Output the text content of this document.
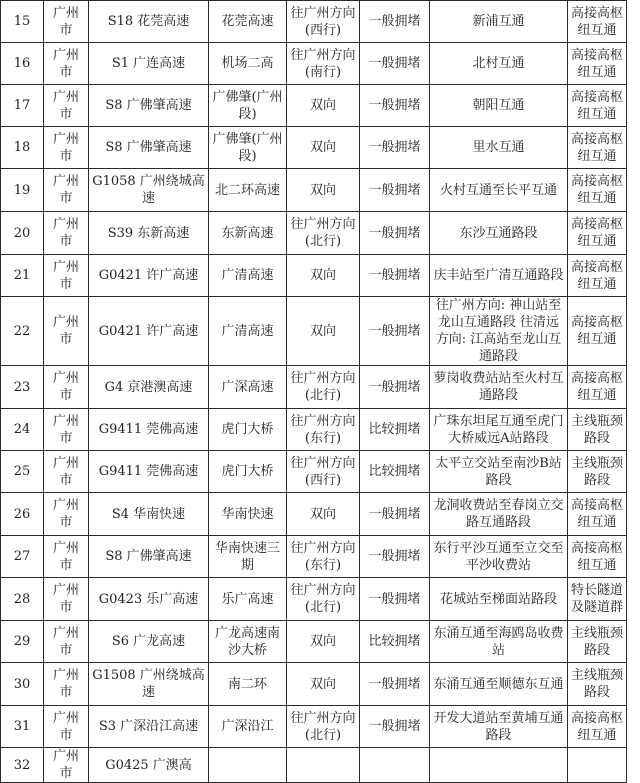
15	广州市	S18 花莞高速	花莞高速	往广州方向(西行)	一般拥堵	新浦互通	高接高枢纽互通
16	广州市	S1 广连高速	机场二高	往广州方向(南行)	一般拥堵	北村互通	高接高枢纽互通
17	广州市	S8 广佛肇高速	广佛肇(广州段)	双向	一般拥堵	朝阳互通	高接高枢纽互通
18	广州市	S8 广佛肇高速	广佛肇(广州段)	双向	一般拥堵	里水互通	高接高枢纽互通
19	广州市	G1058 广州绕城高速	北二环高速	双向	一般拥堵	火村互通至长平互通	高接高枢纽互通
20	广州市	S39 东新高速	东新高速	往广州方向(北行)	一般拥堵	东沙互通路段	高接高枢纽互通
21	广州市	G0421 许广高速	广清高速	双向	一般拥堵	庆丰站至广清互通路段	高接高枢纽互通
22	广州市	G0421 许广高速	广清高速	双向	一般拥堵	往广州方向: 神山站至龙山互通路段 往清远方向: 江高站至龙山互通路段	高接高枢纽互通
23	广州市	G4 京港澳高速	广深高速	往广州方向(北行)	一般拥堵	萝岗收费站站至火村互通路段	高接高枢纽互通
24	广州市	G9411 莞佛高速	虎门大桥	往广州方向(东行)	比较拥堵	广珠东坦尾互通至虎门大桥威远A站路段	主线瓶颈路段
25	广州市	G9411 莞佛高速	虎门大桥	往广州方向(西行)	比较拥堵	太平立交站至南沙B站路段	主线瓶颈路段
26	广州市	S4 华南快速	华南快速	双向	一般拥堵	龙洞收费站至春岗立交路互通路段	高接高枢纽互通
27	广州市	S8 广佛肇高速	华南快速三期	往广州方向(东行)	一般拥堵	东行平沙互通至立交至平沙收费站	高接高枢纽互通
28	广州市	G0423 乐广高速	乐广高速	往广州方向(北行)	一般拥堵	花城站至梯面站路段	特长隧道及隧道群
29	广州市	S6 广龙高速	广龙高速南沙大桥	双向	比较拥堵	东涌互通至海鸥岛收费站	主线瓶颈路段
30	广州市	G1508 广州绕城高速	南二环	双向	一般拥堵	东涌互通至顺德东互通	主线瓶颈路段
31	广州市	S3 广深沿江高速	广深沿江	往广州方向(北行)	一般拥堵	开发大道站至黄埔互通路段	高接高枢纽互通
32	广州市	G0425 广澳高					
